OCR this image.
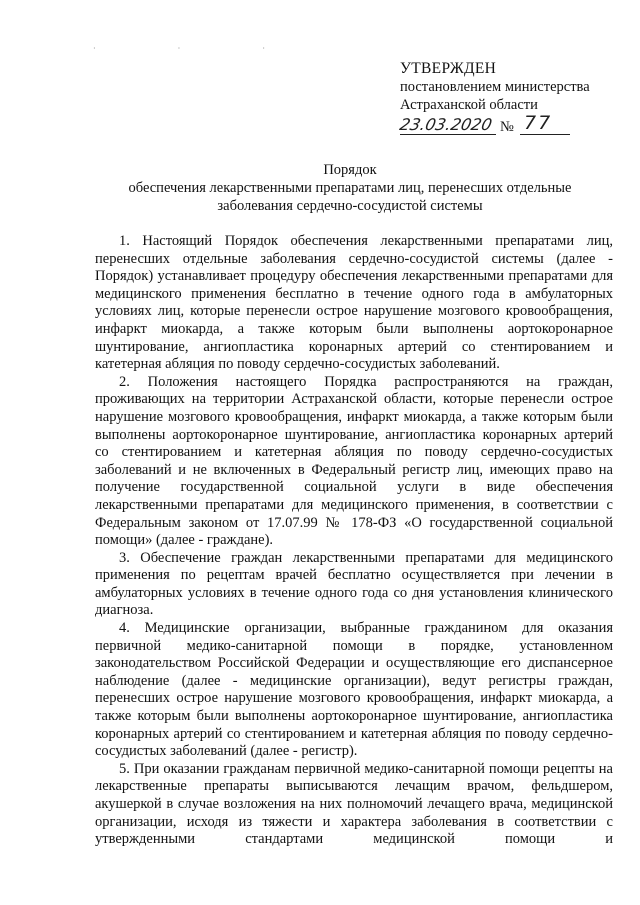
· · ·
УТВЕРЖДЕН
постановлением министерства
Астраханской области
23.03.2020 № 77
Порядок
обеспечения лекарственными препаратами лиц, перенесших отдельные
заболевания сердечно-сосудистой системы

1. Настоящий Порядок обеспечения лекарственными препаратами лиц, перенесших отдельные заболевания сердечно-сосудистой системы (далее - Порядок) устанавливает процедуру обеспечения лекарственными препаратами для медицинского применения бесплатно в течение одного года в амбулаторных условиях лиц, которые перенесли острое нарушение мозгового кровообращения, инфаркт миокарда, а также которым были выполнены аортокоронарное шунтирование, ангиопластика коронарных артерий со стентированием и катетерная абляция по поводу сердечно-сосудистых заболеваний.

2. Положения настоящего Порядка распространяются на граждан, проживающих на территории Астраханской области, которые перенесли острое нарушение мозгового кровообращения, инфаркт миокарда, а также которым были выполнены аортокоронарное шунтирование, ангиопластика коронарных артерий со стентированием и катетерная абляция по поводу сердечно-сосудистых заболеваний и не включенных в Федеральный регистр лиц, имеющих право на получение государственной социальной услуги в виде обеспечения лекарственными препаратами для медицинского применения, в соответствии с Федеральным законом от 17.07.99 № 178-ФЗ «О государственной социальной помощи» (далее - граждане).

3. Обеспечение граждан лекарственными препаратами для медицинского применения по рецептам врачей бесплатно осуществляется при лечении в амбулаторных условиях в течение одного года со дня установления клинического диагноза.

4. Медицинские организации, выбранные гражданином для оказания первичной медико-санитарной помощи в порядке, установленном законодательством Российской Федерации и осуществляющие его диспансерное наблюдение (далее - медицинские организации), ведут регистры граждан, перенесших острое нарушение мозгового кровообращения, инфаркт миокарда, а также которым были выполнены аортокоронарное шунтирование, ангиопластика коронарных артерий со стентированием и катетерная абляция по поводу сердечно-сосудистых заболеваний (далее - регистр).

5. При оказании гражданам первичной медико-санитарной помощи рецепты на лекарственные препараты выписываются лечащим врачом, фельдшером, акушеркой в случае возложения на них полномочий лечащего врача, медицинской организации, исходя из тяжести и характера заболевания в соответствии с утвержденными стандартами медицинской помощи и
